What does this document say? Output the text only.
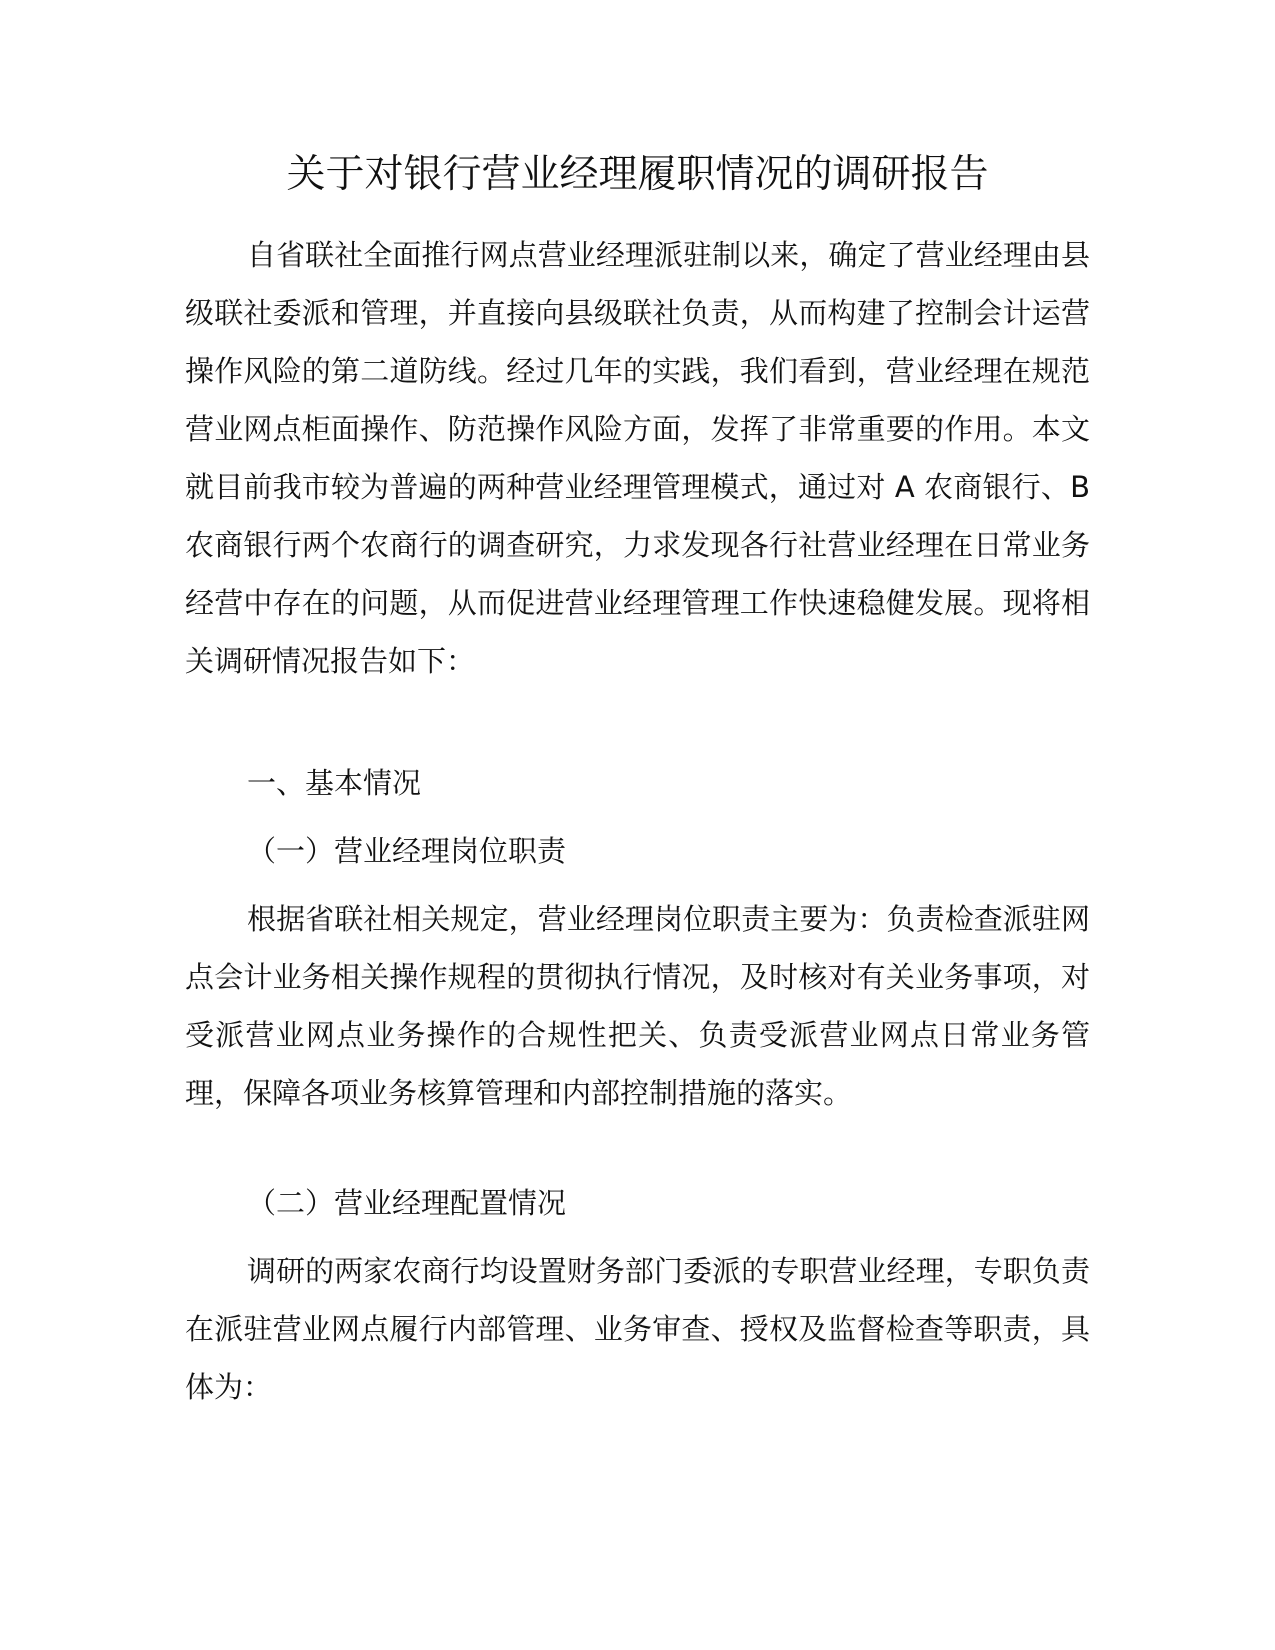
关于对银行营业经理履职情况的调研报告

自省联社全面推行网点营业经理派驻制以来，确定了营业经理由县级联社委派和管理，并直接向县级联社负责，从而构建了控制会计运营操作风险的第二道防线。经过几年的实践，我们看到，营业经理在规范营业网点柜面操作、防范操作风险方面，发挥了非常重要的作用。本文就目前我市较为普遍的两种营业经理管理模式，通过对 A 农商银行、B 农商银行两个农商行的调查研究，力求发现各行社营业经理在日常业务经营中存在的问题，从而促进营业经理管理工作快速稳健发展。现将相关调研情况报告如下：

一、基本情况
（一）营业经理岗位职责

根据省联社相关规定，营业经理岗位职责主要为：负责检查派驻网点会计业务相关操作规程的贯彻执行情况，及时核对有关业务事项，对受派营业网点业务操作的合规性把关、负责受派营业网点日常业务管理，保障各项业务核算管理和内部控制措施的落实。

（二）营业经理配置情况

调研的两家农商行均设置财务部门委派的专职营业经理，专职负责在派驻营业网点履行内部管理、业务审查、授权及监督检查等职责，具体为：
